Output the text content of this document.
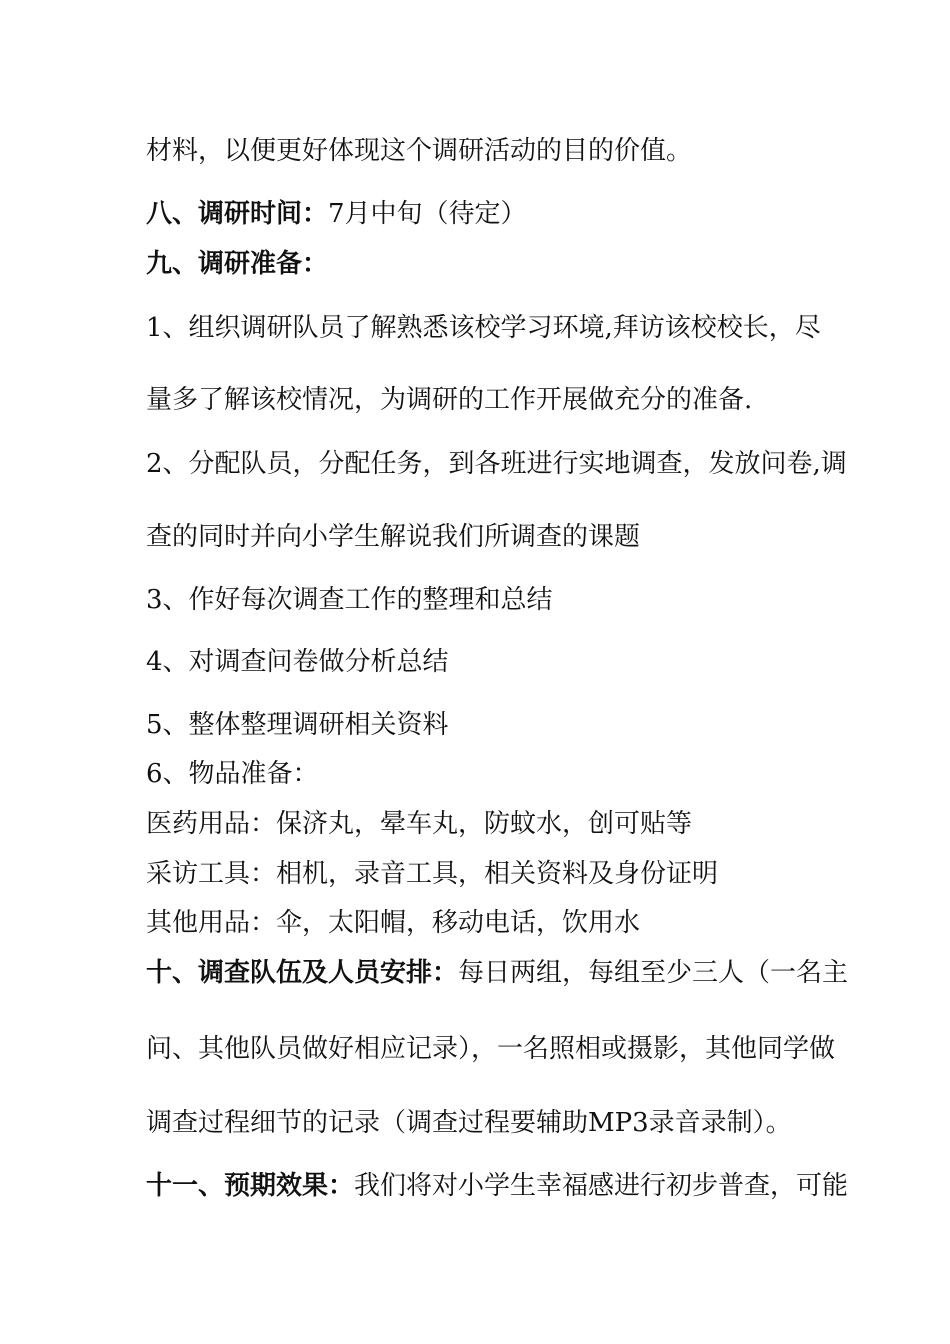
材料，以便更好体现这个调研活动的目的价值。
八、调研时间：7月中旬（待定）
九、调研准备：
1、组织调研队员了解熟悉该校学习环境,拜访该校校长，尽
量多了解该校情况，为调研的工作开展做充分的准备.
2、分配队员，分配任务，到各班进行实地调查，发放问卷,调
查的同时并向小学生解说我们所调查的课题
3、作好每次调查工作的整理和总结
4、对调查问卷做分析总结
5、整体整理调研相关资料
6、物品准备：
医药用品：保济丸，晕车丸，防蚊水，创可贴等
采访工具：相机，录音工具，相关资料及身份证明
其他用品：伞，太阳帽，移动电话，饮用水
十、调查队伍及人员安排：每日两组，每组至少三人（一名主
问、其他队员做好相应记录），一名照相或摄影，其他同学做
调查过程细节的记录（调查过程要辅助MP3录音录制）。
十一、预期效果：我们将对小学生幸福感进行初步普查，可能
